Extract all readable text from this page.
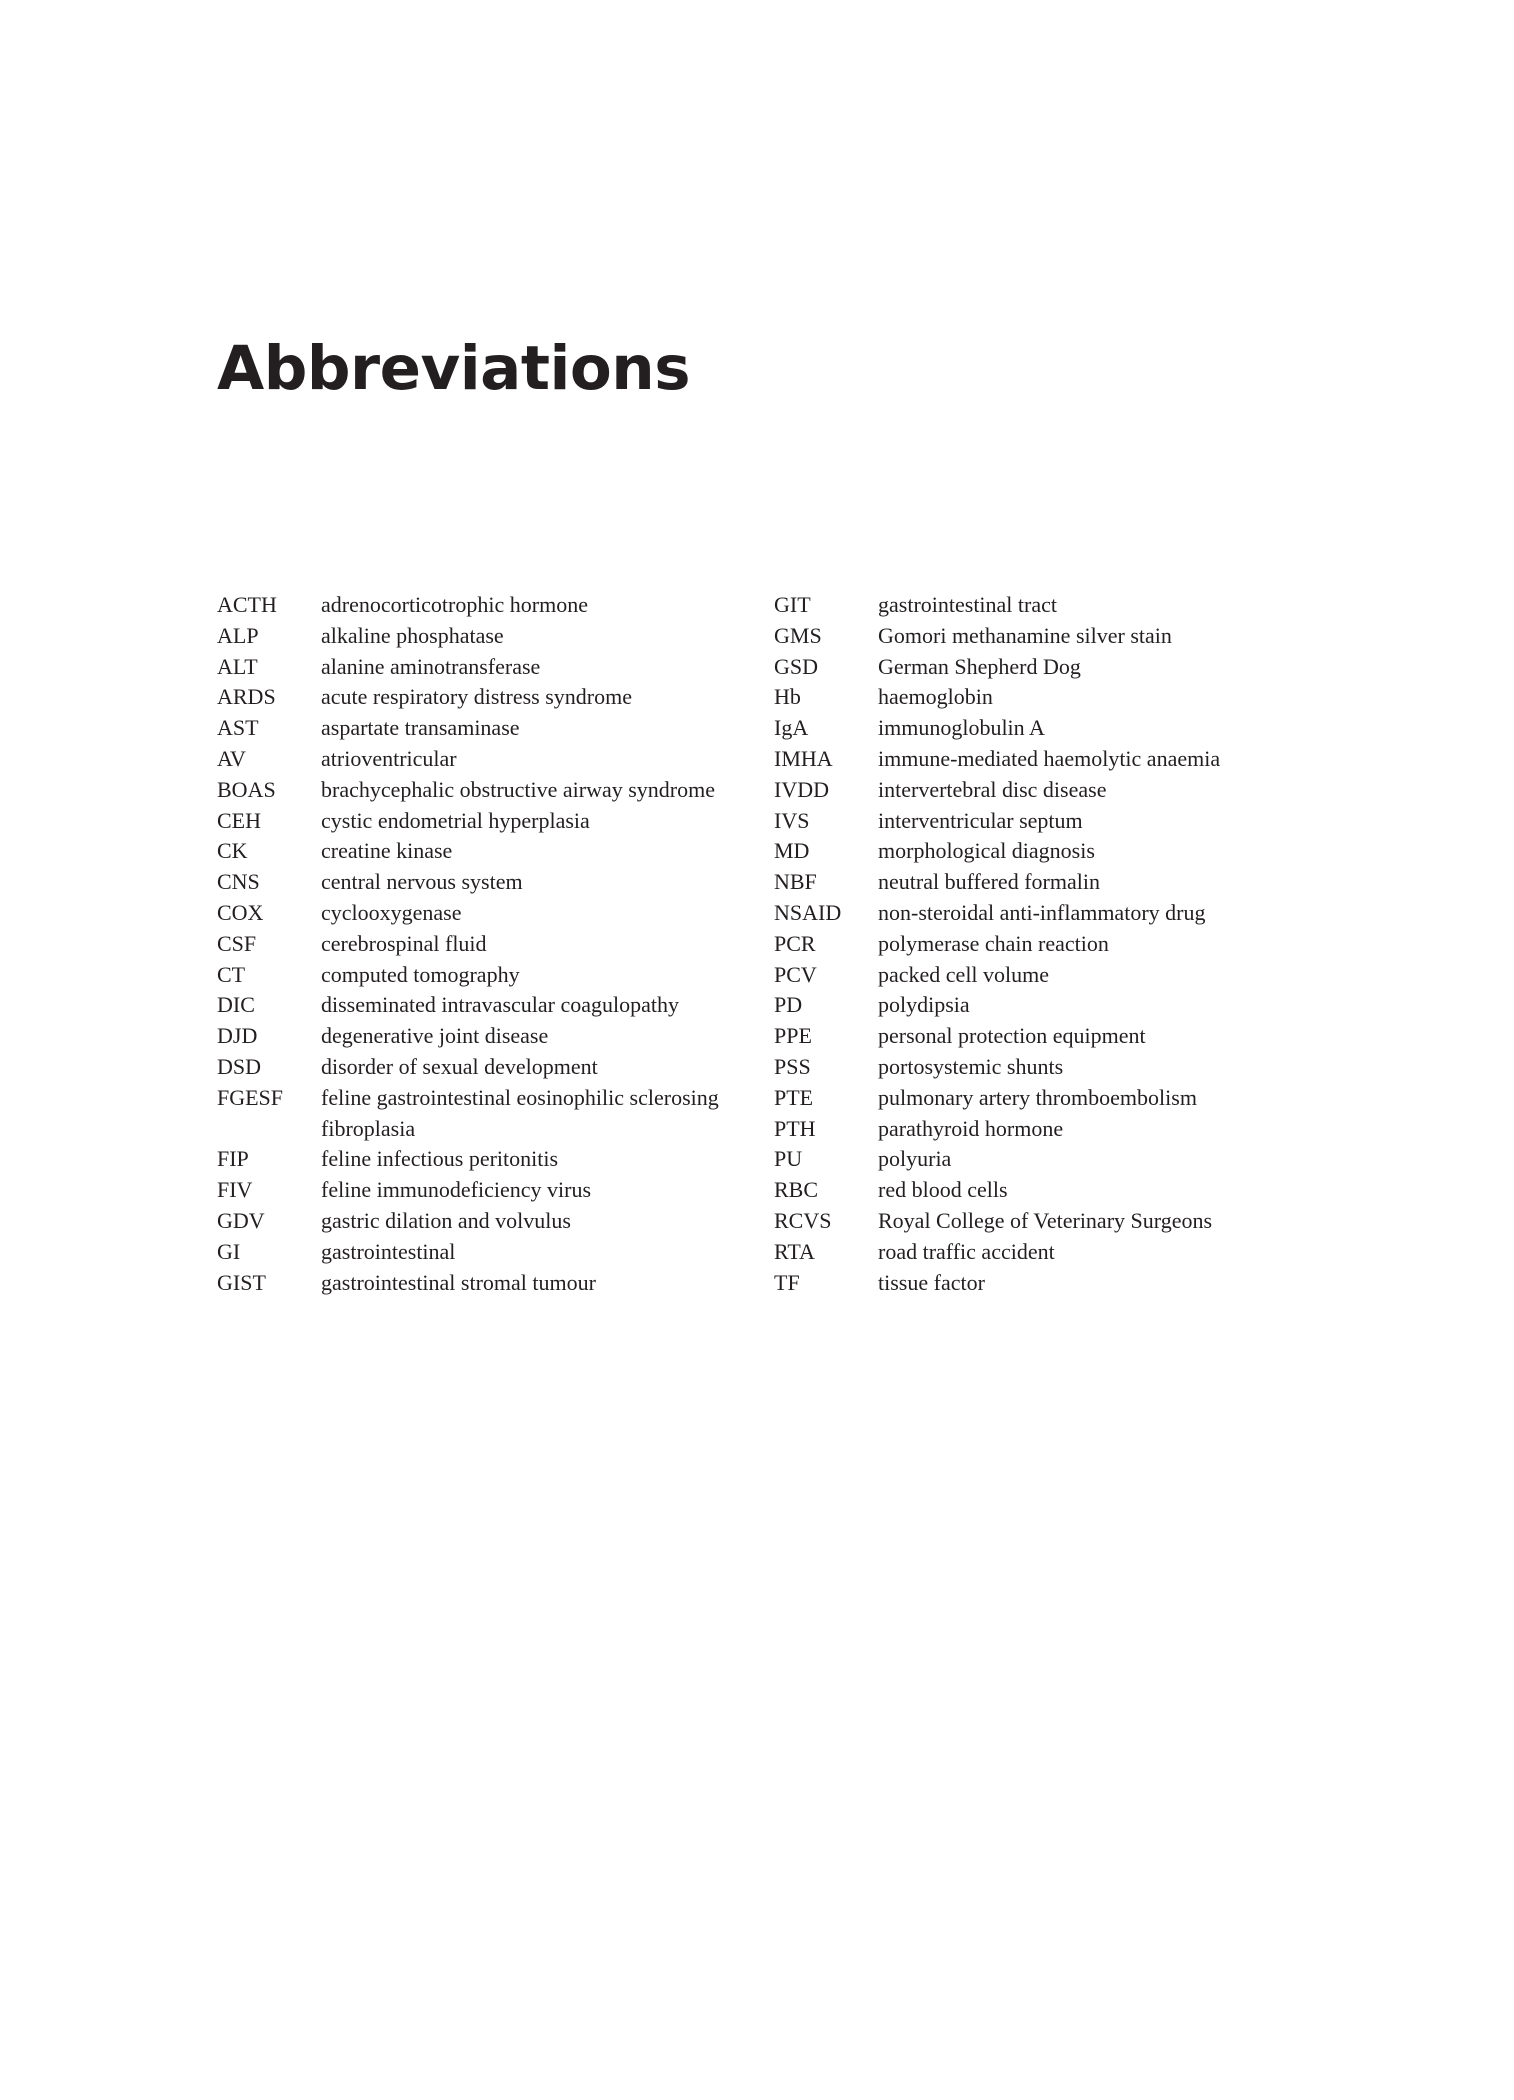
Abbreviations
ACTH	adrenocorticotrophic hormone
ALP	alkaline phosphatase
ALT	alanine aminotransferase
ARDS	acute respiratory distress syndrome
AST	aspartate transaminase
AV	atrioventricular
BOAS	brachycephalic obstructive airway syndrome
CEH	cystic endometrial hyperplasia
CK	creatine kinase
CNS	central nervous system
COX	cyclooxygenase
CSF	cerebrospinal fluid
CT	computed tomography
DIC	disseminated intravascular coagulopathy
DJD	degenerative joint disease
DSD	disorder of sexual development
FGESF	feline gastrointestinal eosinophilic sclerosing
fibroplasia
FIP	feline infectious peritonitis
FIV	feline immunodeficiency virus
GDV	gastric dilation and volvulus
GI	gastrointestinal
GIST	gastrointestinal stromal tumour
GIT	gastrointestinal tract
GMS	Gomori methanamine silver stain
GSD	German Shepherd Dog
Hb	haemoglobin
IgA	immunoglobulin A
IMHA	immune-mediated haemolytic anaemia
IVDD	intervertebral disc disease
IVS	interventricular septum
MD	morphological diagnosis
NBF	neutral buffered formalin
NSAID	non-steroidal anti-inflammatory drug
PCR	polymerase chain reaction
PCV	packed cell volume
PD	polydipsia
PPE	personal protection equipment
PSS	portosystemic shunts
PTE	pulmonary artery thromboembolism
PTH	parathyroid hormone
PU	polyuria
RBC	red blood cells
RCVS	Royal College of Veterinary Surgeons
RTA	road traffic accident
TF	tissue factor
